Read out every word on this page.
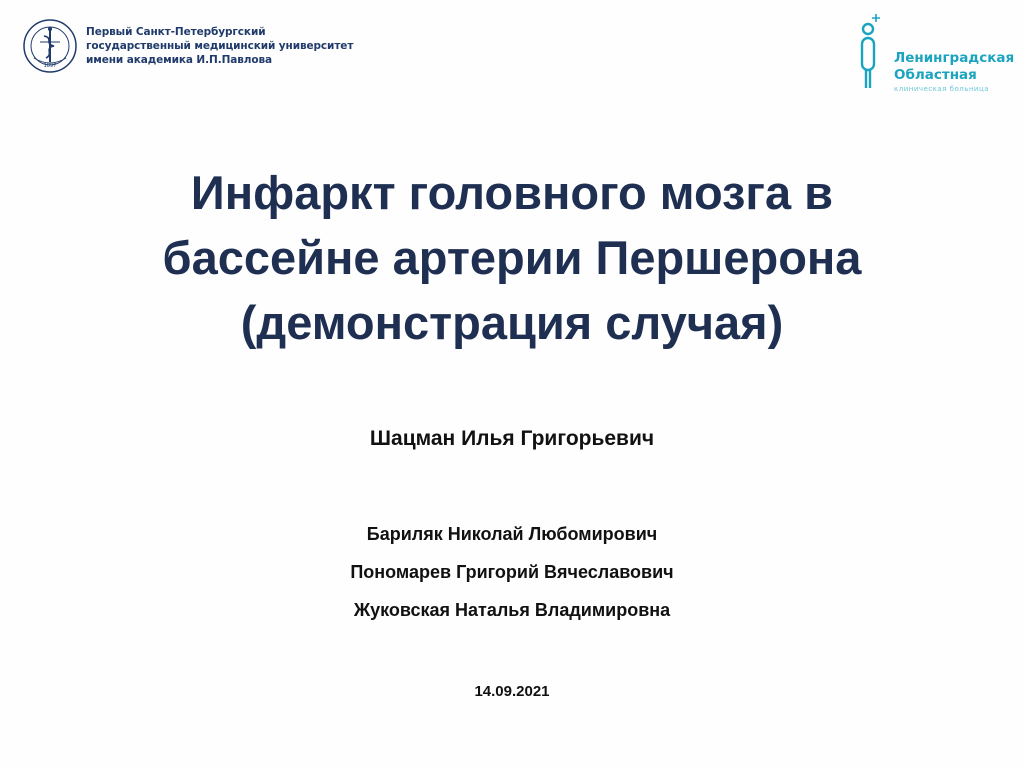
1897
Первый Санкт-Петербургский
государственный медицинский университет
имени академика И.П.Павлова	Ленинградская
Областная
клиническая больница
Инфаркт головного мозга в
бассейне артерии Першерона
(демонстрация случая)
Шацман Илья Григорьевич
Бариляк Николай Любомирович
Пономарев Григорий Вячеславович
Жуковская Наталья Владимировна
14.09.2021
